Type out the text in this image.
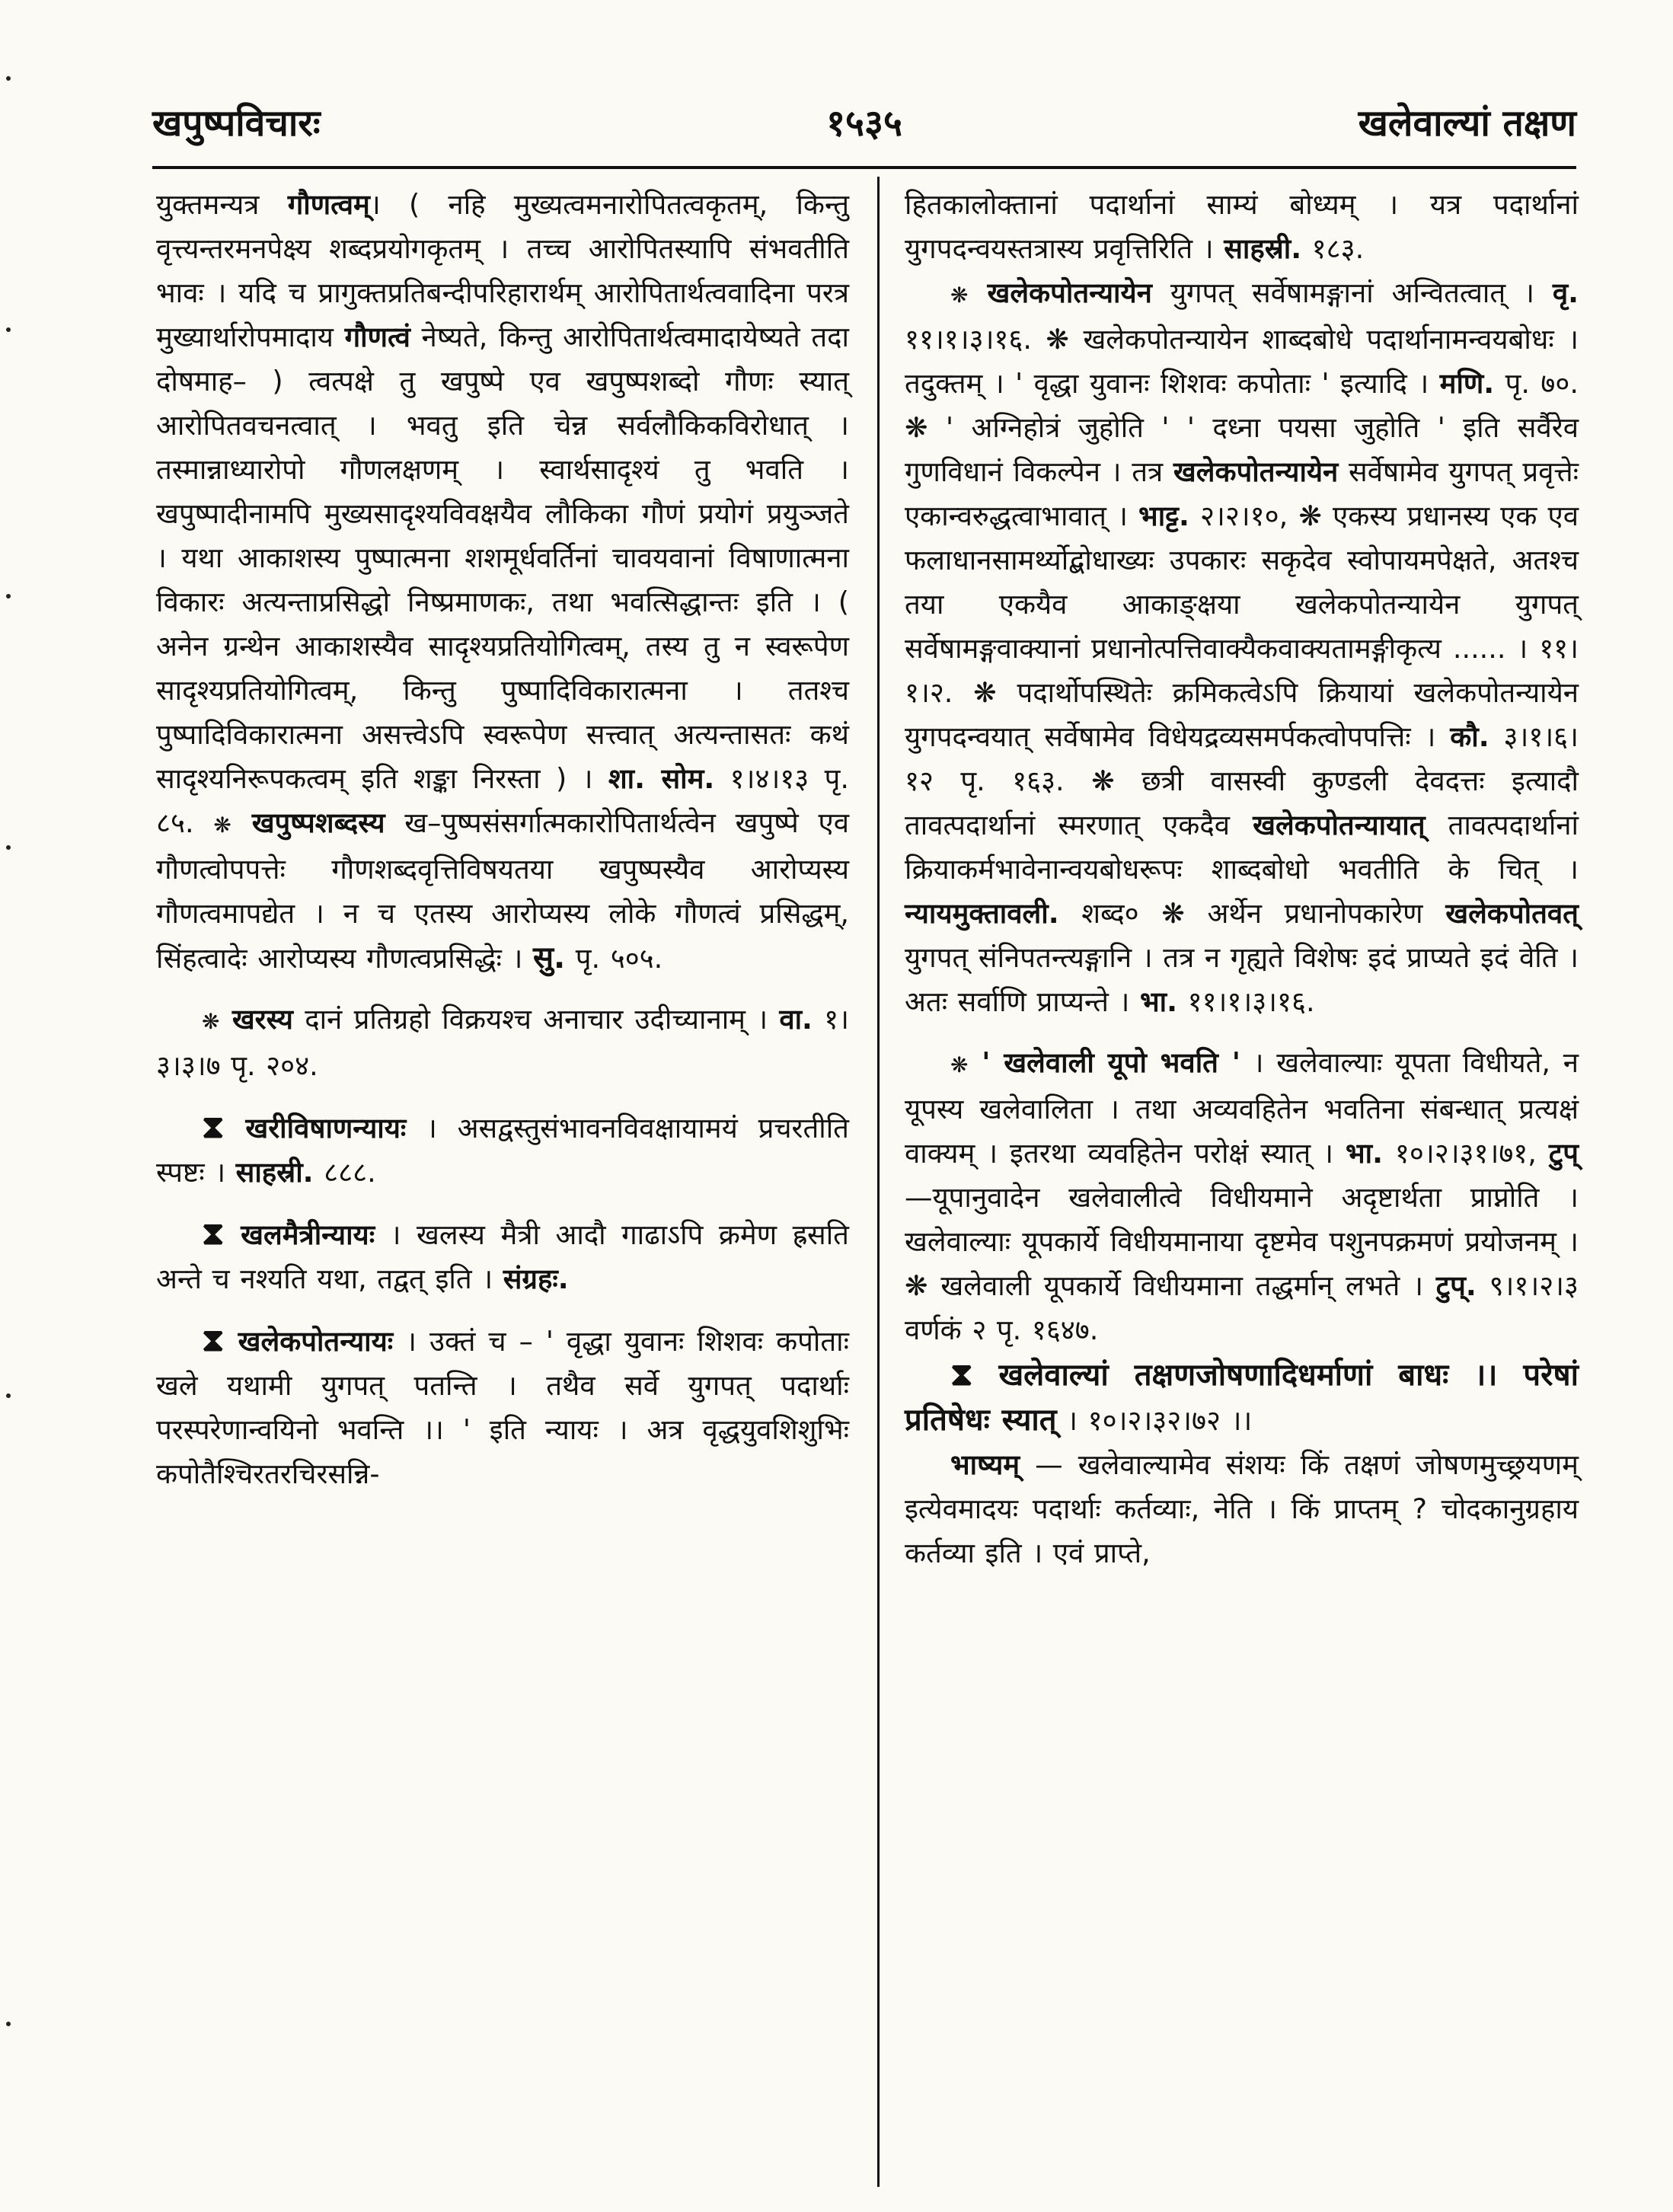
खपुष्पविचारः	१५३५	खलेवाल्यां तक्षण

युक्तमन्यत्र गौणत्वम्। ( नहि मुख्यत्वमनारोपितत्वकृतम्, किन्तु वृत्त्यन्तरमनपेक्ष्य शब्दप्रयोगकृतम् । तच्च आरोपितस्यापि संभवतीति भावः । यदि च प्रागुक्तप्रतिबन्दीपरिहारार्थम् आरोपितार्थत्ववादिना परत्र मुख्यार्थारोपमादाय गौणत्वं नेष्यते, किन्तु आरोपितार्थत्वमादायेष्यते तदा दोषमाह– ) त्वत्पक्षे तु खपुष्पे एव खपुष्पशब्दो गौणः स्यात् आरोपितवचनत्वात् । भवतु इति चेन्न सर्वलौकिकविरोधात् । तस्मान्नाध्यारोपो गौणलक्षणम् । स्वार्थसादृश्यं तु भवति । खपुष्पादीनामपि मुख्यसादृश्यविवक्षयैव लौकिका गौणं प्रयोगं प्रयुञ्जते । यथा आकाशस्य पुष्पात्मना शशमूर्धवर्तिनां चावयवानां विषाणात्मना विकारः अत्यन्ताप्रसिद्धो निष्प्रमाणकः, तथा भवत्सिद्धान्तः इति । ( अनेन ग्रन्थेन आकाशस्यैव सादृश्यप्रतियोगित्वम्, तस्य तु न स्वरूपेण सादृश्यप्रतियोगित्वम्, किन्तु पुष्पादिविकारात्मना । ततश्च पुष्पादिविकारात्मना असत्त्वेऽपि स्वरूपेण सत्त्वात् अत्यन्तासतः कथं सादृश्यनिरूपकत्वम् इति शङ्का निरस्ता ) । शा. सोम. १।४।१३ पृ. ८५. ❋ खपुष्पशब्दस्य ख–पुष्पसंसर्गात्मकारोपितार्थत्वेन खपुष्पे एव गौणत्वोपपत्तेः गौणशब्दवृत्तिविषयतया खपुष्पस्यैव आरोप्यस्य गौणत्वमापद्येत । न च एतस्य आरोप्यस्य लोके गौणत्वं प्रसिद्धम्, सिंहत्वादेः आरोप्यस्य गौणत्वप्रसिद्धेः । सु. पृ. ५०५.

❋ खरस्य दानं प्रतिग्रहो विक्रयश्च अनाचार उदीच्यानाम् । वा. १।३।३।७ पृ. २०४.

⧗ खरीविषाणन्यायः । असद्वस्तुसंभावनविवक्षायामयं प्रचरतीति स्पष्टः । साहस्री. ८८८.

⧗ खलमैत्रीन्यायः । खलस्य मैत्री आदौ गाढाऽपि क्रमेण ह्रसति अन्ते च नश्यति यथा, तद्वत् इति । संग्रहः.

⧗ खलेकपोतन्यायः । उक्तं च – ' वृद्धा युवानः शिशवः कपोताः खले यथामी युगपत् पतन्ति । तथैव सर्वे युगपत् पदार्थाः परस्परेणान्वयिनो भवन्ति ।। ' इति न्यायः । अत्र वृद्धयुवशिशुभिः कपोतैश्चिरतरचिरसन्नि-

हितकालोक्तानां पदार्थानां साम्यं बोध्यम् । यत्र पदार्थानां युगपदन्वयस्तत्रास्य प्रवृत्तिरिति । साहस्री. १८३.

❋ खलेकपोतन्यायेन युगपत् सर्वेषामङ्गानां अन्वितत्वात् । वृ. ११।१।३।१६. ❋ खलेकपोतन्यायेन शाब्दबोधे पदार्थानामन्वयबोधः । तदुक्तम् । ' वृद्धा युवानः शिशवः कपोताः ' इत्यादि । मणि. पृ. ७०. ❋ ' अग्निहोत्रं जुहोति ' ' दध्ना पयसा जुहोति ' इति सर्वैरेव गुणविधानं विकल्पेन । तत्र खलेकपोतन्यायेन सर्वेषामेव युगपत् प्रवृत्तेः एकान्वरुद्धत्वाभावात् । भाट्ट. २।२।१०, ❋ एकस्य प्रधानस्य एक एव फलाधानसामर्थ्योद्बोधाख्यः उपकारः सकृदेव स्वोपायमपेक्षते, अतश्च तया एकयैव आकाङ्क्षया खलेकपोतन्यायेन युगपत् सर्वेषामङ्गवाक्यानां प्रधानोत्पत्तिवाक्यैकवाक्यतामङ्गीकृत्य ...... । ११।१।२. ❋ पदार्थोपस्थितेः क्रमिकत्वेऽपि क्रियायां खलेकपोतन्यायेन युगपदन्वयात् सर्वेषामेव विधेयद्रव्यसमर्पकत्वोपपत्तिः । कौ. ३।१।६।१२ पृ. १६३. ❋ छत्री वासस्वी कुण्डली देवदत्तः इत्यादौ तावत्पदार्थानां स्मरणात् एकदैव खलेकपोतन्यायात् तावत्पदार्थानां क्रियाकर्मभावेनान्वयबोधरूपः शाब्दबोधो भवतीति के चित् । न्यायमुक्तावली. शब्द० ❋ अर्थेन प्रधानोपकारेण खलेकपोतवत् युगपत् संनिपतन्त्यङ्गानि । तत्र न गृह्यते विशेषः इदं प्राप्यते इदं वेति । अतः सर्वाणि प्राप्यन्ते । भा. ११।१।३।१६.

❋ ' खलेवाली यूपो भवति ' । खलेवाल्याः यूपता विधीयते, न यूपस्य खलेवालिता । तथा अव्यवहितेन भवतिना संबन्धात् प्रत्यक्षं वाक्यम् । इतरथा व्यवहितेन परोक्षं स्यात् । भा. १०।२।३१।७१, टुप्—यूपानुवादेन खलेवालीत्वे विधीयमाने अदृष्टार्थता प्राप्नोति । खलेवाल्याः यूपकार्ये विधीयमानाया दृष्टमेव पशुनपक्रमणं प्रयोजनम् । ❋ खलेवाली यूपकार्ये विधीयमाना तद्धर्मान् लभते । टुप्. ९।१।२।३ वर्णकं २ पृ. १६४७.

⧗ खलेवाल्यां तक्षणजोषणादिधर्माणां बाधः ।। परेषां प्रतिषेधः स्यात् । १०।२।३२।७२ ।।

भाष्यम् — खलेवाल्यामेव संशयः किं तक्षणं जोषणमुच्छ्रयणम् इत्येवमादयः पदार्थाः कर्तव्याः, नेति । किं प्राप्तम् ? चोदकानुग्रहाय कर्तव्या इति । एवं प्राप्ते,
